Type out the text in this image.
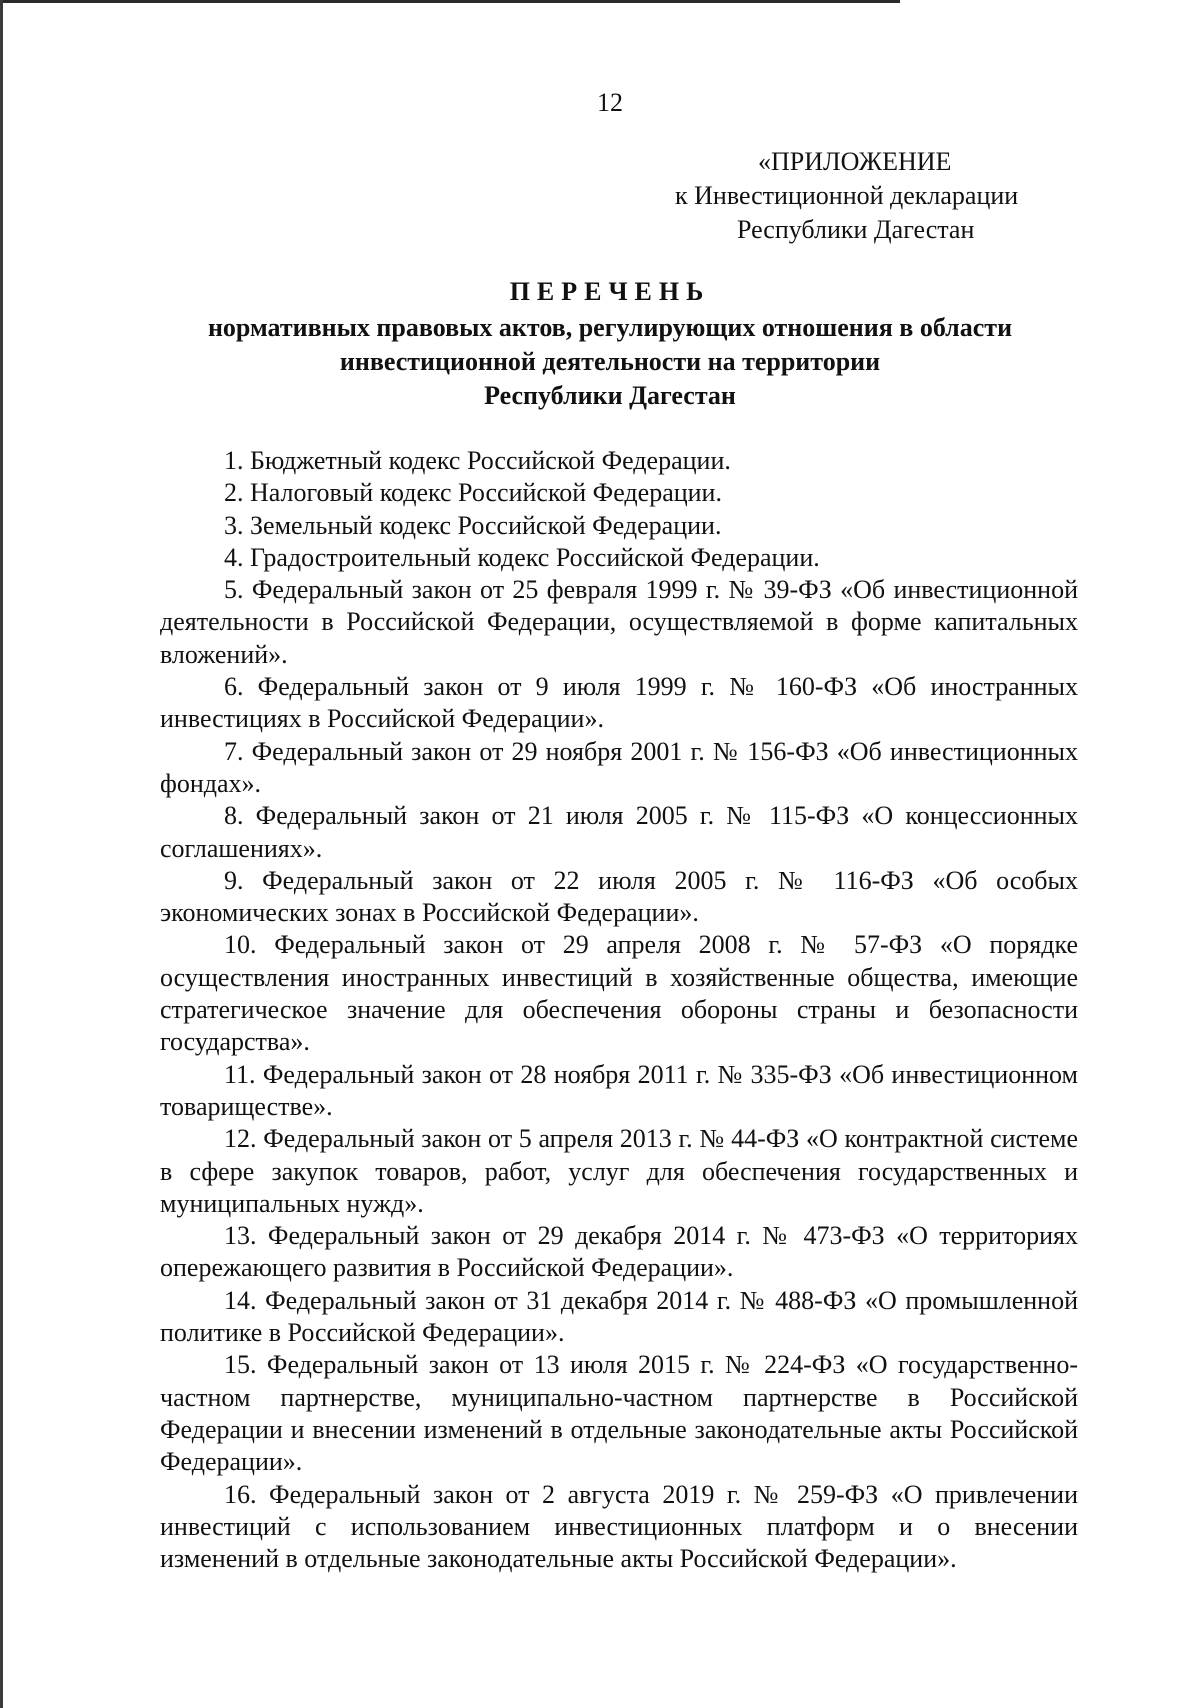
12
«ПРИЛОЖЕНИЕ
к Инвестиционной декларации
Республики Дагестан
ПЕРЕЧЕНЬ
нормативных правовых актов, регулирующих отношения в области
инвестиционной деятельности на территории
Республики Дагестан

1. Бюджетный кодекс Российской Федерации.

2. Налоговый кодекс Российской Федерации.

3. Земельный кодекс Российской Федерации.

4. Градостроительный кодекс Российской Федерации.

5. Федеральный закон от 25 февраля 1999 г. № 39-ФЗ «Об инвестиционной деятельности в Российской Федерации, осуществляемой в форме капитальных вложений».

6. Федеральный закон от 9 июля 1999 г. № 160-ФЗ «Об иностранных инвестициях в Российской Федерации».

7. Федеральный закон от 29 ноября 2001 г. № 156-ФЗ «Об инвестиционных фондах».

8. Федеральный закон от 21 июля 2005 г. № 115-ФЗ «О концессионных соглашениях».

9. Федеральный закон от 22 июля 2005 г. № 116-ФЗ «Об особых экономических зонах в Российской Федерации».

10. Федеральный закон от 29 апреля 2008 г. № 57-ФЗ «О порядке осуществления иностранных инвестиций в хозяйственные общества, имеющие стратегическое значение для обеспечения обороны страны и безопасности государства».

11. Федеральный закон от 28 ноября 2011 г. № 335-ФЗ «Об инвестиционном товариществе».

12. Федеральный закон от 5 апреля 2013 г. № 44-ФЗ «О контрактной системе в сфере закупок товаров, работ, услуг для обеспечения государственных и муниципальных нужд».

13. Федеральный закон от 29 декабря 2014 г. № 473-ФЗ «О территориях опережающего развития в Российской Федерации».

14. Федеральный закон от 31 декабря 2014 г. № 488-ФЗ «О промышленной политике в Российской Федерации».

15. Федеральный закон от 13 июля 2015 г. № 224-ФЗ «О государственно-частном партнерстве, муниципально-частном партнерстве в Российской Федерации и внесении изменений в отдельные законодательные акты Российской Федерации».

16. Федеральный закон от 2 августа 2019 г. № 259-ФЗ «О привлечении инвестиций с использованием инвестиционных платформ и о внесении изменений в отдельные законодательные акты Российской Федерации».
